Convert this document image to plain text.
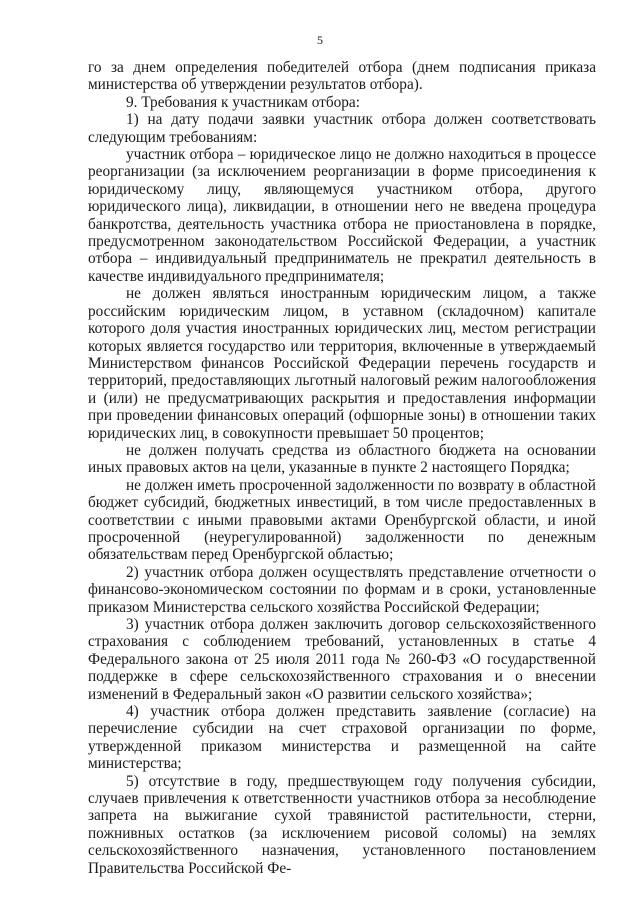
5

го за днем определения победителей отбора (днем подписания приказа министерства об утверждении результатов отбора).

9. Требования к участникам отбора:

1) на дату подачи заявки участник отбора должен соответствовать следующим требованиям:

участник отбора – юридическое лицо не должно находиться в процессе реорганизации (за исключением реорганизации в форме присоединения к юридическому лицу, являющемуся участником отбора, другого юридического лица), ликвидации, в отношении него не введена процедура банкротства, деятельность участника отбора не приостановлена в порядке, предусмотренном законодательством Российской Федерации, а участник отбора – индивидуальный предприниматель не прекратил деятельность в качестве индивидуального предпринимателя;

не должен являться иностранным юридическим лицом, а также российским юридическим лицом, в уставном (складочном) капитале которого доля участия иностранных юридических лиц, местом регистрации которых является государство или территория, включенные в утверждаемый Министерством финансов Российской Федерации перечень государств и территорий, предоставляющих льготный налоговый режим налогообложения и (или) не предусматривающих раскрытия и предоставления информации при проведении финансовых операций (офшорные зоны) в отношении таких юридических лиц, в совокупности превышает 50 процентов;

не должен получать средства из областного бюджета на основании иных правовых актов на цели, указанные в пункте 2 настоящего Порядка;

не должен иметь просроченной задолженности по возврату в областной бюджет субсидий, бюджетных инвестиций, в том числе предоставленных в соответствии с иными правовыми актами Оренбургской области, и иной просроченной (неурегулированной) задолженности по денежным обязательствам перед Оренбургской областью;

2) участник отбора должен осуществлять представление отчетности о финансово-экономическом состоянии по формам и в сроки, установленные приказом Министерства сельского хозяйства Российской Федерации;

3) участник отбора должен заключить договор сельскохозяйственного страхования с соблюдением требований, установленных в статье 4 Федерального закона от 25 июля 2011 года № 260-ФЗ «О государственной поддержке в сфере сельскохозяйственного страхования и о внесении изменений в Федеральный закон «О развитии сельского хозяйства»;

4) участник отбора должен представить заявление (согласие) на перечисление субсидии на счет страховой организации по форме, утвержденной приказом министерства и размещенной на сайте министерства;

5) отсутствие в году, предшествующем году получения субсидии, случаев привлечения к ответственности участников отбора за несоблюдение запрета на выжигание сухой травянистой растительности, стерни, пожнивных остатков (за исключением рисовой соломы) на землях сельскохозяйственного назначения, установленного постановлением Правительства Российской Фе-
